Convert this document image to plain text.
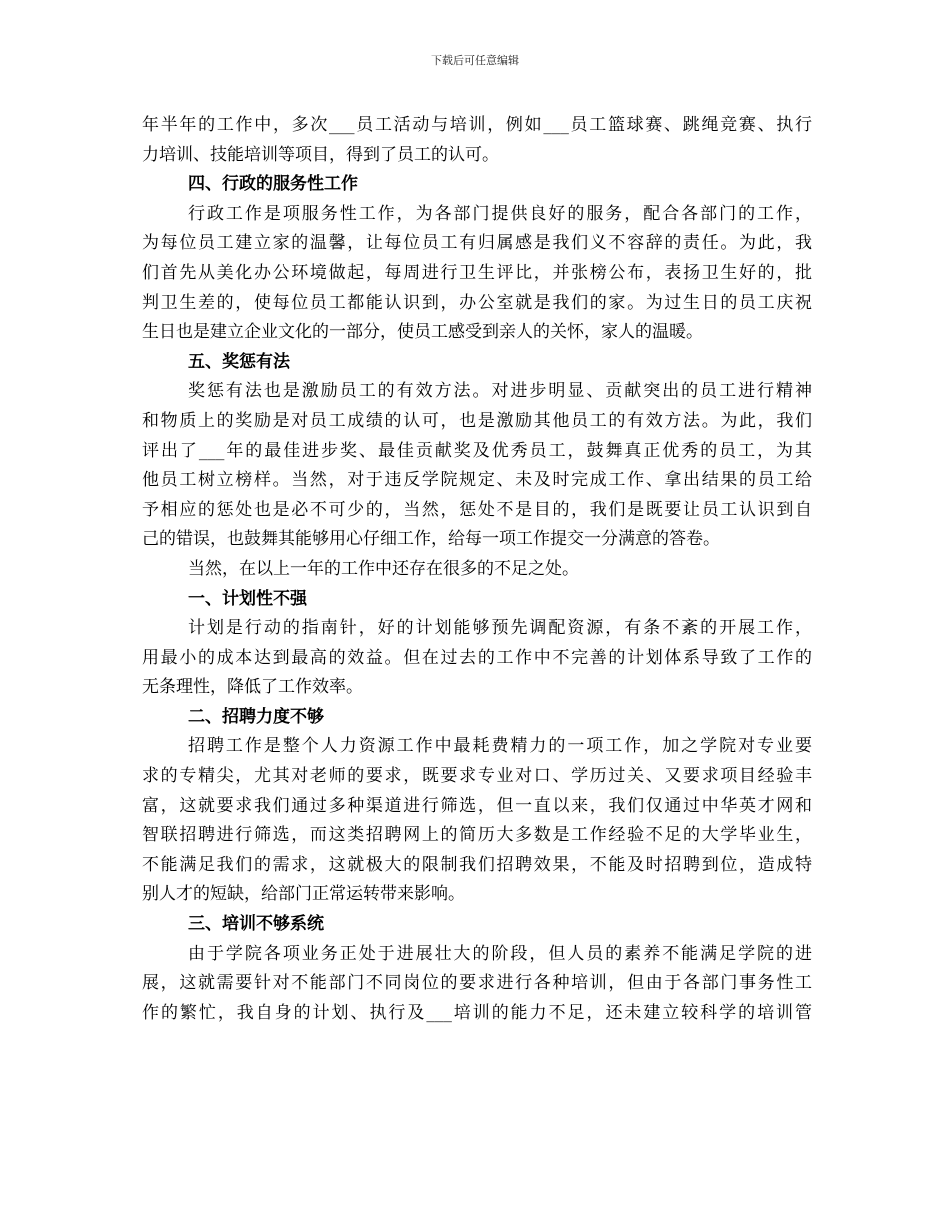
下载后可任意编辑
年半年的工作中，多次___员工活动与培训，例如___员工篮球赛、跳绳竞赛、执行
力培训、技能培训等项目，得到了员工的认可。
四、行政的服务性工作
行政工作是项服务性工作，为各部门提供良好的服务，配合各部门的工作，
为每位员工建立家的温馨，让每位员工有归属感是我们义不容辞的责任。为此，我
们首先从美化办公环境做起，每周进行卫生评比，并张榜公布，表扬卫生好的，批
判卫生差的，使每位员工都能认识到，办公室就是我们的家。为过生日的员工庆祝
生日也是建立企业文化的一部分，使员工感受到亲人的关怀，家人的温暖。
五、奖惩有法
奖惩有法也是激励员工的有效方法。对进步明显、贡献突出的员工进行精神
和物质上的奖励是对员工成绩的认可，也是激励其他员工的有效方法。为此，我们
评出了___年的最佳进步奖、最佳贡献奖及优秀员工，鼓舞真正优秀的员工，为其
他员工树立榜样。当然，对于违反学院规定、未及时完成工作、拿出结果的员工给
予相应的惩处也是必不可少的，当然，惩处不是目的，我们是既要让员工认识到自
己的错误，也鼓舞其能够用心仔细工作，给每一项工作提交一分满意的答卷。
当然，在以上一年的工作中还存在很多的不足之处。
一、计划性不强
计划是行动的指南针，好的计划能够预先调配资源，有条不紊的开展工作，
用最小的成本达到最高的效益。但在过去的工作中不完善的计划体系导致了工作的
无条理性，降低了工作效率。
二、招聘力度不够
招聘工作是整个人力资源工作中最耗费精力的一项工作，加之学院对专业要
求的专精尖，尤其对老师的要求，既要求专业对口、学历过关、又要求项目经验丰
富，这就要求我们通过多种渠道进行筛选，但一直以来，我们仅通过中华英才网和
智联招聘进行筛选，而这类招聘网上的简历大多数是工作经验不足的大学毕业生，
不能满足我们的需求，这就极大的限制我们招聘效果，不能及时招聘到位，造成特
别人才的短缺，给部门正常运转带来影响。
三、培训不够系统
由于学院各项业务正处于进展壮大的阶段，但人员的素养不能满足学院的进
展，这就需要针对不能部门不同岗位的要求进行各种培训，但由于各部门事务性工
作的繁忙，我自身的计划、执行及___培训的能力不足，还未建立较科学的培训管
